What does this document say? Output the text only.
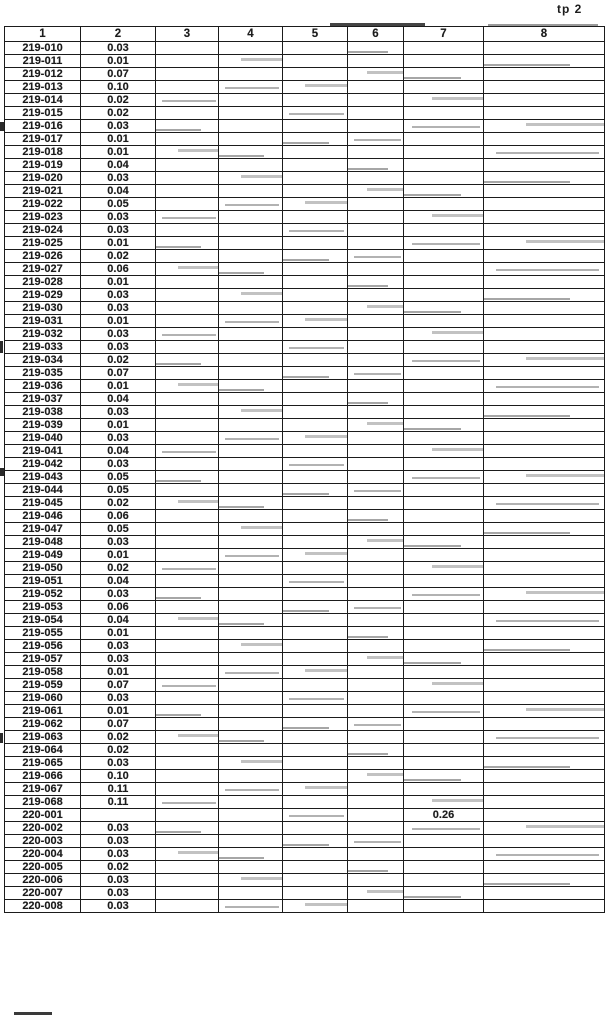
tp 2
1	2	3	4	5	6	7	8
219-010	0.03						
219-011	0.01						
219-012	0.07						
219-013	0.10						
219-014	0.02						
219-015	0.02						
219-016	0.03						
219-017	0.01						
219-018	0.01						
219-019	0.04						
219-020	0.03						
219-021	0.04						
219-022	0.05						
219-023	0.03						
219-024	0.03						
219-025	0.01						
219-026	0.02						
219-027	0.06						
219-028	0.01						
219-029	0.03						
219-030	0.03						
219-031	0.01						
219-032	0.03						
219-033	0.03						
219-034	0.02						
219-035	0.07						
219-036	0.01						
219-037	0.04						
219-038	0.03						
219-039	0.01						
219-040	0.03						
219-041	0.04						
219-042	0.03						
219-043	0.05						
219-044	0.05						
219-045	0.02						
219-046	0.06						
219-047	0.05						
219-048	0.03						
219-049	0.01						
219-050	0.02						
219-051	0.04						
219-052	0.03						
219-053	0.06						
219-054	0.04						
219-055	0.01						
219-056	0.03						
219-057	0.03						
219-058	0.01						
219-059	0.07						
219-060	0.03						
219-061	0.01						
219-062	0.07						
219-063	0.02						
219-064	0.02						
219-065	0.03						
219-066	0.10						
219-067	0.11						
219-068	0.11						
220-001						0.26	
220-002	0.03						
220-003	0.03						
220-004	0.03						
220-005	0.02						
220-006	0.03						
220-007	0.03						
220-008	0.03						
